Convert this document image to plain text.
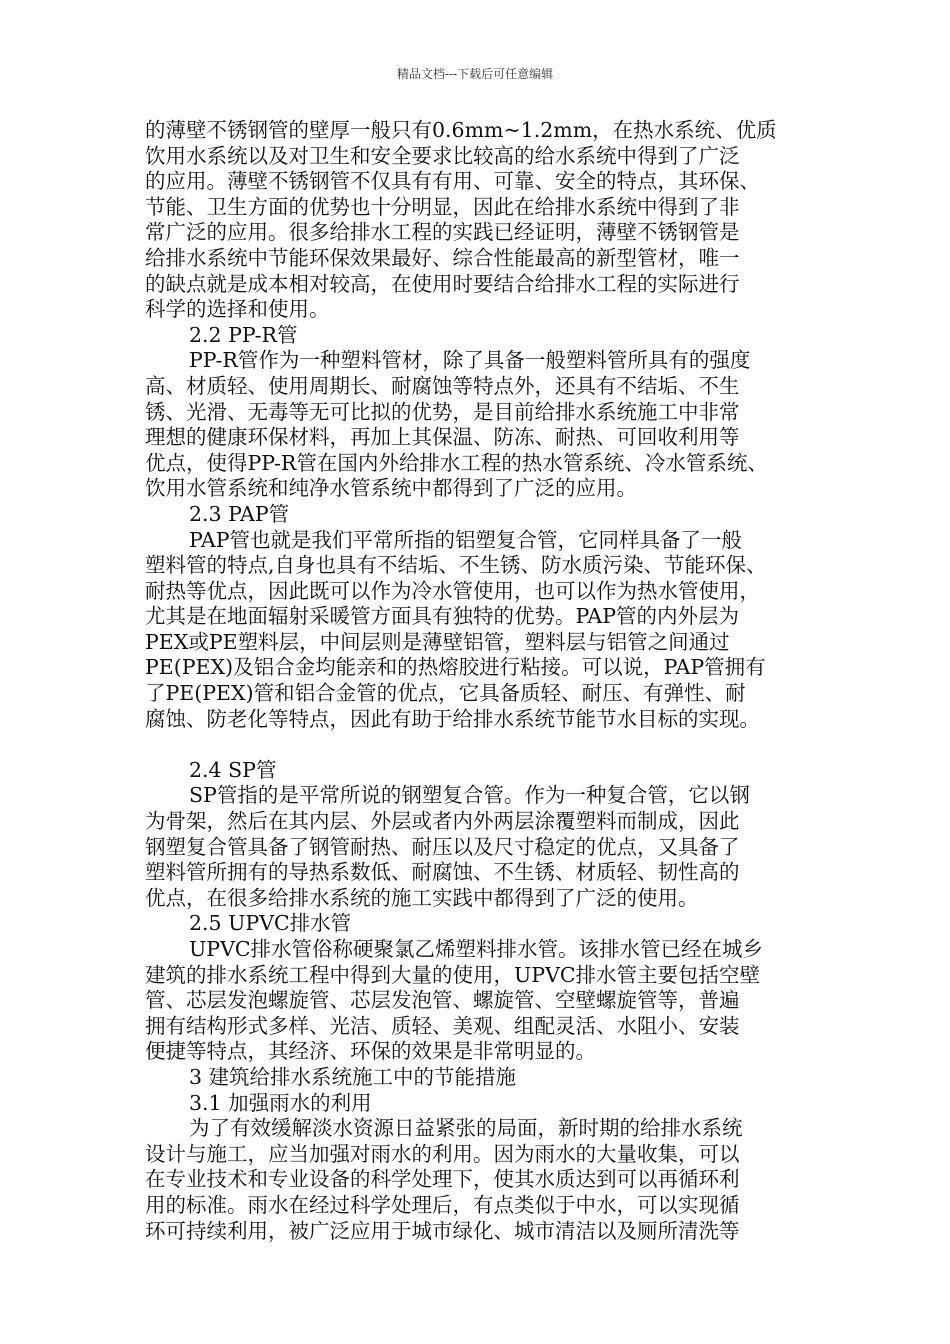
精品文档---下载后可任意编辑
的薄壁不锈钢管的壁厚一般只有0.6mm~1.2mm，在热水系统、优质
饮用水系统以及对卫生和安全要求比较高的给水系统中得到了广泛
的应用。薄壁不锈钢管不仅具有有用、可靠、安全的特点，其环保、
节能、卫生方面的优势也十分明显，因此在给排水系统中得到了非
常广泛的应用。很多给排水工程的实践已经证明，薄壁不锈钢管是
给排水系统中节能环保效果最好、综合性能最高的新型管材，唯一
的缺点就是成本相对较高，在使用时要结合给排水工程的实际进行
科学的选择和使用。
2.2 PP-R管
PP-R管作为一种塑料管材，除了具备一般塑料管所具有的强度
高、材质轻、使用周期长、耐腐蚀等特点外，还具有不结垢、不生
锈、光滑、无毒等无可比拟的优势，是目前给排水系统施工中非常
理想的健康环保材料，再加上其保温、防冻、耐热、可回收利用等
优点，使得PP-R管在国内外给排水工程的热水管系统、冷水管系统、
饮用水管系统和纯净水管系统中都得到了广泛的应用。
2.3 PAP管
PAP管也就是我们平常所指的铝塑复合管，它同样具备了一般
塑料管的特点,自身也具有不结垢、不生锈、防水质污染、节能环保、
耐热等优点，因此既可以作为冷水管使用，也可以作为热水管使用，
尤其是在地面辐射采暖管方面具有独特的优势。PAP管的内外层为
PEX或PE塑料层，中间层则是薄壁铝管，塑料层与铝管之间通过
PE(PEX)及铝合金均能亲和的热熔胶进行粘接。可以说，PAP管拥有
了PE(PEX)管和铝合金管的优点，它具备质轻、耐压、有弹性、耐
腐蚀、防老化等特点，因此有助于给排水系统节能节水目标的实现。
2.4 SP管
SP管指的是平常所说的钢塑复合管。作为一种复合管，它以钢
为骨架，然后在其内层、外层或者内外两层涂覆塑料而制成，因此
钢塑复合管具备了钢管耐热、耐压以及尺寸稳定的优点，又具备了
塑料管所拥有的导热系数低、耐腐蚀、不生锈、材质轻、韧性高的
优点，在很多给排水系统的施工实践中都得到了广泛的使用。
2.5 UPVC排水管
UPVC排水管俗称硬聚氯乙烯塑料排水管。该排水管已经在城乡
建筑的排水系统工程中得到大量的使用，UPVC排水管主要包括空壁
管、芯层发泡螺旋管、芯层发泡管、螺旋管、空壁螺旋管等，普遍
拥有结构形式多样、光洁、质轻、美观、组配灵活、水阻小、安装
便捷等特点，其经济、环保的效果是非常明显的。
3 建筑给排水系统施工中的节能措施
3.1 加强雨水的利用
为了有效缓解淡水资源日益紧张的局面，新时期的给排水系统
设计与施工，应当加强对雨水的利用。因为雨水的大量收集，可以
在专业技术和专业设备的科学处理下，使其水质达到可以再循环利
用的标准。雨水在经过科学处理后，有点类似于中水，可以实现循
环可持续利用，被广泛应用于城市绿化、城市清洁以及厕所清洗等
